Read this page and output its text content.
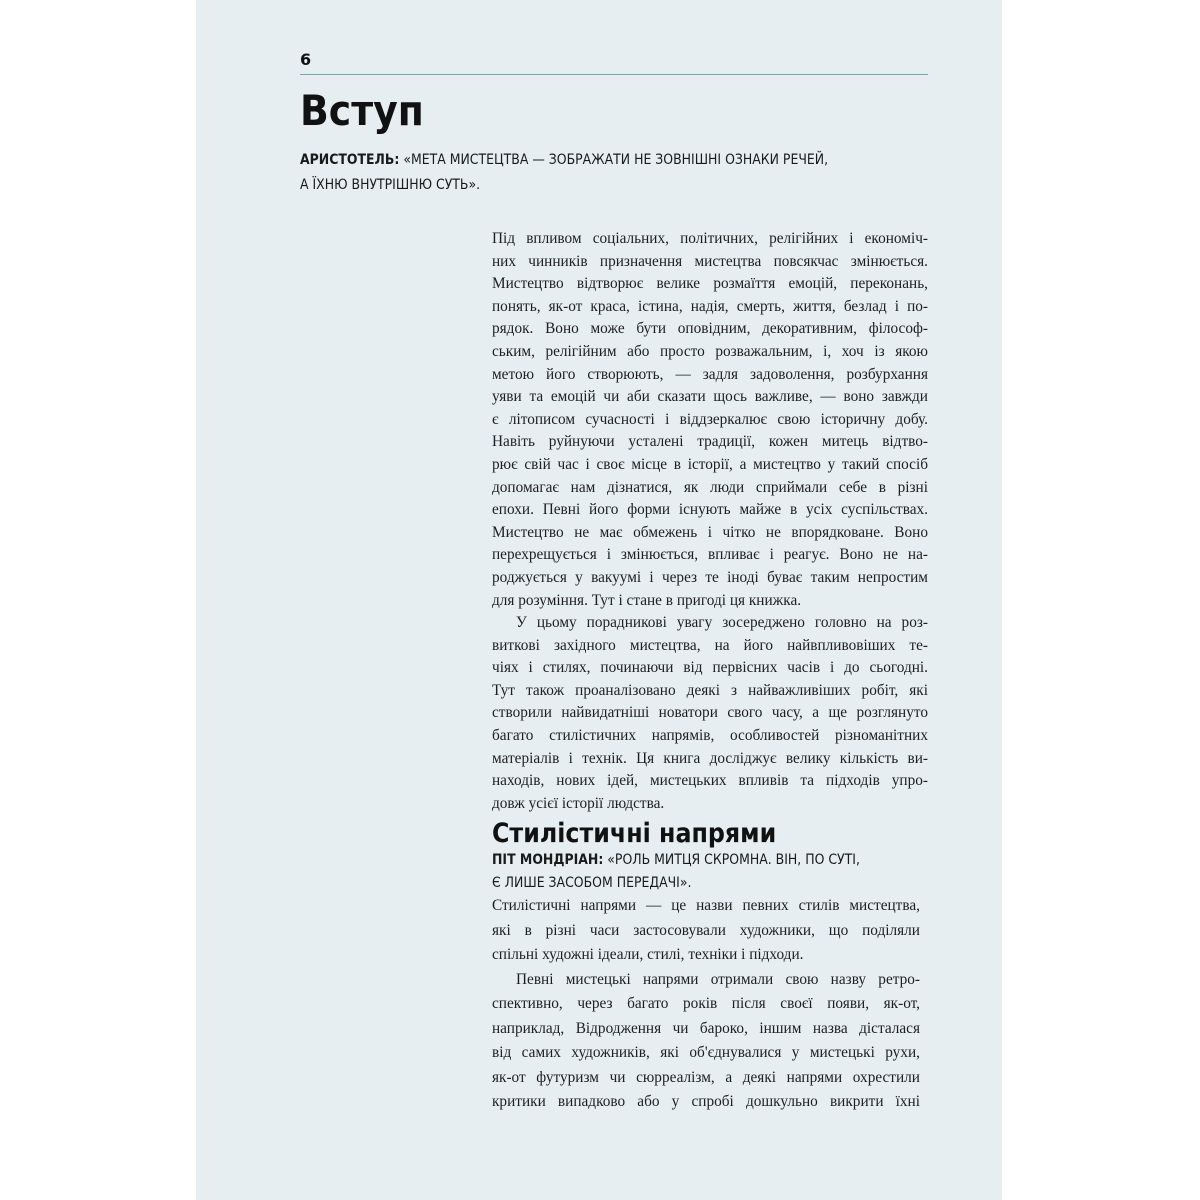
6
Вступ
АРИСТОТЕЛЬ: «МЕТА МИСТЕЦТВА — ЗОБРАЖАТИ НЕ ЗОВНІШНІ ОЗНАКИ РЕЧЕЙ,
А ЇХНЮ ВНУТРІШНЮ СУТЬ».
Під впливом соціальних, політичних, релігійних і економіч-
них чинників призначення мистецтва повсякчас змінюється.
Мистецтво відтворює велике розмаїття емоцій, переконань,
понять, як-от краса, істина, надія, смерть, життя, безлад і по-
рядок. Воно може бути оповідним, декоративним, філософ-
ським, релігійним або просто розважальним, і, хоч із якою
метою його створюють, — задля задоволення, розбурхання
уяви та емоцій чи аби сказати щось важливе, — воно завжди
є літописом сучасності і віддзеркалює свою історичну добу.
Навіть руйнуючи усталені традиції, кожен митець відтво-
рює свій час і своє місце в історії, а мистецтво у такий спосіб
допомагає нам дізнатися, як люди сприймали себе в різні
епохи. Певні його форми існують майже в усіх суспільствах.
Мистецтво не має обмежень і чітко не впорядковане. Воно
перехрещується і змінюється, впливає і реагує. Воно не на-
роджується у вакуумі і через те іноді буває таким непростим
для розуміння. Тут і стане в пригоді ця книжка.
У цьому порадникові увагу зосереджено головно на роз-
виткові західного мистецтва, на його найвпливовіших те-
чіях і стилях, починаючи від первісних часів і до сьогодні.
Тут також проаналізовано деякі з найважливіших робіт, які
створили найвидатніші новатори свого часу, а ще розглянуто
багато стилістичних напрямів, особливостей різноманітних
матеріалів і технік. Ця книга досліджує велику кількість ви-
находів, нових ідей, мистецьких впливів та підходів упро-
довж усієї історії людства.
Стилістичні напрями
ПІТ МОНДРІАН: «РОЛЬ МИТЦЯ СКРОМНА. ВІН, ПО СУТІ,
Є ЛИШЕ ЗАСОБОМ ПЕРЕДАЧІ».
Стилістичні напрями — це назви певних стилів мистецтва,
які в різні часи застосовували художники, що поділяли
спільні художні ідеали, стилі, техніки і підходи.
Певні мистецькі напрями отримали свою назву ретро-
спективно, через багато років після своєї появи, як-от,
наприклад, Відродження чи бароко, іншим назва дісталася
від самих художників, які об'єднувалися у мистецькі рухи,
як-от футуризм чи сюрреалізм, а деякі напрями охрестили
критики випадково або у спробі дошкульно викрити їхні
